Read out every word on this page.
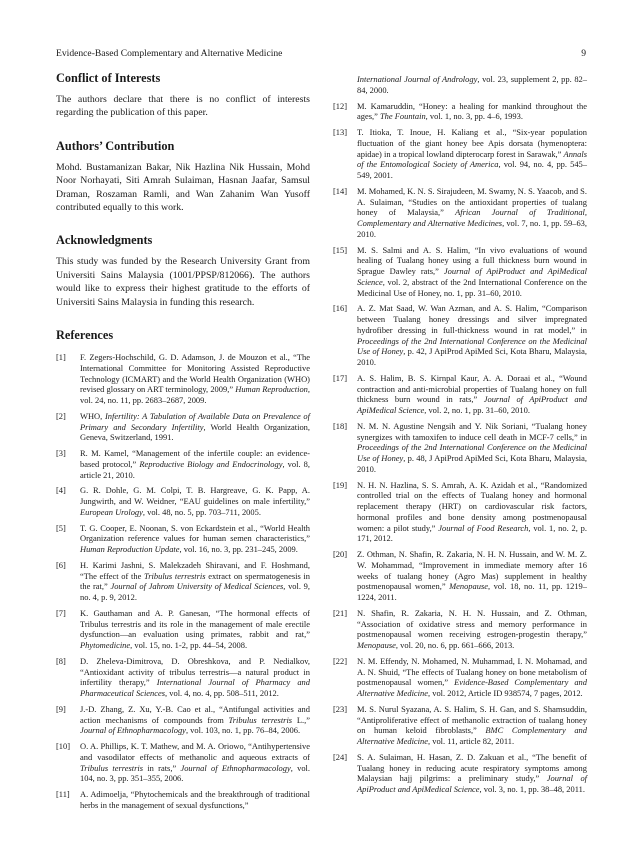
Evidence-Based Complementary and Alternative Medicine	9
Conflict of Interests

The authors declare that there is no conflict of interests regarding the publication of this paper.

Authors’ Contribution

Mohd. Bustamanizan Bakar, Nik Hazlina Nik Hussain, Mohd Noor Norhayati, Siti Amrah Sulaiman, Hasnan Jaafar, Samsul Draman, Roszaman Ramli, and Wan Zahanim Wan Yusoff contributed equally to this work.

Acknowledgments

This study was funded by the Research University Grant from Universiti Sains Malaysia (1001/PPSP/812066). The authors would like to express their highest gratitude to the efforts of Universiti Sains Malaysia in funding this research.

References
[1]	F. Zegers-Hochschild, G. D. Adamson, J. de Mouzon et al., “The International Committee for Monitoring Assisted Reproductive Technology (ICMART) and the World Health Organization (WHO) revised glossary on ART terminology, 2009,” Human Reproduction, vol. 24, no. 11, pp. 2683–2687, 2009.
[2]	WHO, Infertility: A Tabulation of Available Data on Prevalence of Primary and Secondary Infertility, World Health Organization, Geneva, Switzerland, 1991.
[3]	R. M. Kamel, “Management of the infertile couple: an evidence-based protocol,” Reproductive Biology and Endocrinology, vol. 8, article 21, 2010.
[4]	G. R. Dohle, G. M. Colpi, T. B. Hargreave, G. K. Papp, A. Jungwirth, and W. Weidner, “EAU guidelines on male infertility,” European Urology, vol. 48, no. 5, pp. 703–711, 2005.
[5]	T. G. Cooper, E. Noonan, S. von Eckardstein et al., “World Health Organization reference values for human semen characteristics,” Human Reproduction Update, vol. 16, no. 3, pp. 231–245, 2009.
[6]	H. Karimi Jashni, S. Malekzadeh Shiravani, and F. Hoshmand, “The effect of the Tribulus terrestris extract on spermatogenesis in the rat,” Journal of Jahrom University of Medical Sciences, vol. 9, no. 4, p. 9, 2012.
[7]	K. Gauthaman and A. P. Ganesan, “The hormonal effects of Tribulus terrestris and its role in the management of male erectile dysfunction—an evaluation using primates, rabbit and rat,” Phytomedicine, vol. 15, no. 1-2, pp. 44–54, 2008.
[8]	D. Zheleva-Dimitrova, D. Obreshkova, and P. Nedialkov, “Antioxidant activity of tribulus terrestris—a natural product in infertility therapy,” International Journal of Pharmacy and Pharmaceutical Sciences, vol. 4, no. 4, pp. 508–511, 2012.
[9]	J.-D. Zhang, Z. Xu, Y.-B. Cao et al., “Antifungal activities and action mechanisms of compounds from Tribulus terrestris L.,” Journal of Ethnopharmacology, vol. 103, no. 1, pp. 76–84, 2006.
[10]	O. A. Phillips, K. T. Mathew, and M. A. Oriowo, “Antihypertensive and vasodilator effects of methanolic and aqueous extracts of Tribulus terrestris in rats,” Journal of Ethnopharmacology, vol. 104, no. 3, pp. 351–355, 2006.
[11]	A. Adimoelja, “Phytochemicals and the breakthrough of traditional herbs in the management of sexual dysfunctions,”
International Journal of Andrology, vol. 23, supplement 2, pp. 82–84, 2000.
[12]	M. Kamaruddin, “Honey: a healing for mankind throughout the ages,” The Fountain, vol. 1, no. 3, pp. 4–6, 1993.
[13]	T. Itioka, T. Inoue, H. Kaliang et al., “Six-year population fluctuation of the giant honey bee Apis dorsata (hymenoptera: apidae) in a tropical lowland dipterocarp forest in Sarawak,” Annals of the Entomological Society of America, vol. 94, no. 4, pp. 545–549, 2001.
[14]	M. Mohamed, K. N. S. Sirajudeen, M. Swamy, N. S. Yaacob, and S. A. Sulaiman, “Studies on the antioxidant properties of tualang honey of Malaysia,” African Journal of Traditional, Complementary and Alternative Medicines, vol. 7, no. 1, pp. 59–63, 2010.
[15]	M. S. Salmi and A. S. Halim, “In vivo evaluations of wound healing of Tualang honey using a full thickness burn wound in Sprague Dawley rats,” Journal of ApiProduct and ApiMedical Science, vol. 2, abstract of the 2nd International Conference on the Medicinal Use of Honey, no. 1, pp. 31–60, 2010.
[16]	A. Z. Mat Saad, W. Wan Azman, and A. S. Halim, “Comparison between Tualang honey dressings and silver impregnated hydrofiber dressing in full-thickness wound in rat model,” in Proceedings of the 2nd International Conference on the Medicinal Use of Honey, p. 42, J ApiProd ApiMed Sci, Kota Bharu, Malaysia, 2010.
[17]	A. S. Halim, B. S. Kirnpal Kaur, A. A. Doraai et al., “Wound contraction and anti-microbial properties of Tualang honey on full thickness burn wound in rats,” Journal of ApiProduct and ApiMedical Science, vol. 2, no. 1, pp. 31–60, 2010.
[18]	N. M. N. Agustine Nengsih and Y. Nik Soriani, “Tualang honey synergizes with tamoxifen to induce cell death in MCF-7 cells,” in Proceedings of the 2nd International Conference on the Medicinal Use of Honey, p. 48, J ApiProd ApiMed Sci, Kota Bharu, Malaysia, 2010.
[19]	N. H. N. Hazlina, S. S. Amrah, A. K. Azidah et al., “Randomized controlled trial on the effects of Tualang honey and hormonal replacement therapy (HRT) on cardiovascular risk factors, hormonal profiles and bone density among postmenopausal women: a pilot study,” Journal of Food Research, vol. 1, no. 2, p. 171, 2012.
[20]	Z. Othman, N. Shafin, R. Zakaria, N. H. N. Hussain, and W. M. Z. W. Mohammad, “Improvement in immediate memory after 16 weeks of tualang honey (Agro Mas) supplement in healthy postmenopausal women,” Menopause, vol. 18, no. 11, pp. 1219–1224, 2011.
[21]	N. Shafin, R. Zakaria, N. H. N. Hussain, and Z. Othman, “Association of oxidative stress and memory performance in postmenopausal women receiving estrogen-progestin therapy,” Menopause, vol. 20, no. 6, pp. 661–666, 2013.
[22]	N. M. Effendy, N. Mohamed, N. Muhammad, I. N. Mohamad, and A. N. Shuid, “The effects of Tualang honey on bone metabolism of postmenopausal women,” Evidence-Based Complementary and Alternative Medicine, vol. 2012, Article ID 938574, 7 pages, 2012.
[23]	M. S. Nurul Syazana, A. S. Halim, S. H. Gan, and S. Shamsuddin, “Antiproliferative effect of methanolic extraction of tualang honey on human keloid fibroblasts,” BMC Complementary and Alternative Medicine, vol. 11, article 82, 2011.
[24]	S. A. Sulaiman, H. Hasan, Z. D. Zakuan et al., “The benefit of Tualang honey in reducing acute respiratory symptoms among Malaysian hajj pilgrims: a preliminary study,” Journal of ApiProduct and ApiMedical Science, vol. 3, no. 1, pp. 38–48, 2011.
